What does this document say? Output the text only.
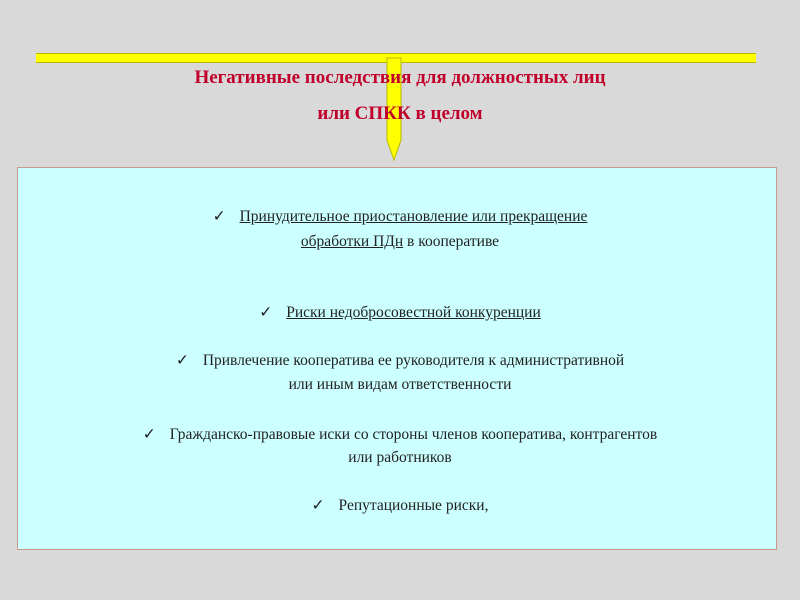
Негативные последствия для должностных лиц
или СПКК в целом
✓ Принудительное приостановление или прекращение
обработки ПДн в кооперативе
✓ Риски недобросовестной конкуренции
✓ Привлечение кооператива ее руководителя к административной
или иным видам ответственности
✓ Гражданско-правовые иски со стороны членов кооператива, контрагентов
или работников
✓ Репутационные риски,
